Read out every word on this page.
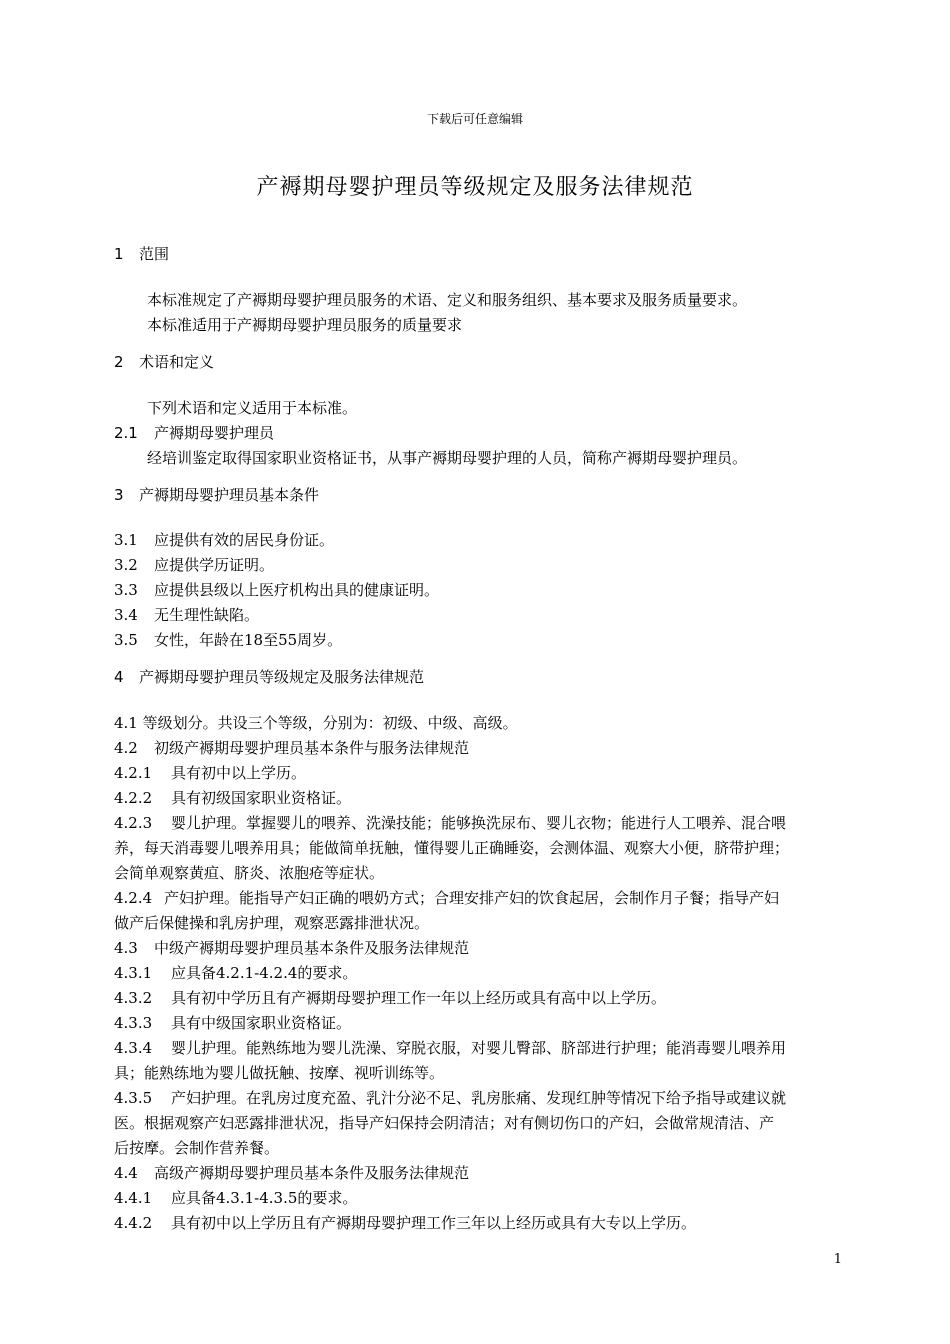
下载后可任意编辑
产褥期母婴护理员等级规定及服务法律规范
1 范围
本标准规定了产褥期母婴护理员服务的术语、定义和服务组织、基本要求及服务质量要求。
本标准适用于产褥期母婴护理员服务的质量要求
2 术语和定义
下列术语和定义适用于本标准。
2.1 产褥期母婴护理员
经培训鉴定取得国家职业资格证书，从事产褥期母婴护理的人员，简称产褥期母婴护理员。
3 产褥期母婴护理员基本条件
3.1 应提供有效的居民身份证。
3.2 应提供学历证明。
3.3 应提供县级以上医疗机构出具的健康证明。
3.4 无生理性缺陷。
3.5 女性，年龄在18至55周岁。
4 产褥期母婴护理员等级规定及服务法律规范
4.1 等级划分。共设三个等级，分别为：初级、中级、高级。
4.2 初级产褥期母婴护理员基本条件与服务法律规范
4.2.1 具有初中以上学历。
4.2.2 具有初级国家职业资格证。
4.2.3 婴儿护理。掌握婴儿的喂养、洗澡技能；能够换洗尿布、婴儿衣物；能进行人工喂养、混合喂
养，每天消毒婴儿喂养用具；能做简单抚触，懂得婴儿正确睡姿，会测体温、观察大小便，脐带护理；
会简单观察黄疸、脐炎、浓胞疮等症状。
4.2.4 产妇护理。能指导产妇正确的喂奶方式；合理安排产妇的饮食起居，会制作月子餐；指导产妇
做产后保健操和乳房护理，观察恶露排泄状况。
4.3 中级产褥期母婴护理员基本条件及服务法律规范
4.3.1 应具备4.2.1-4.2.4的要求。
4.3.2 具有初中学历且有产褥期母婴护理工作一年以上经历或具有高中以上学历。
4.3.3 具有中级国家职业资格证。
4.3.4 婴儿护理。能熟练地为婴儿洗澡、穿脱衣服，对婴儿臀部、脐部进行护理；能消毒婴儿喂养用
具；能熟练地为婴儿做抚触、按摩、视听训练等。
4.3.5 产妇护理。在乳房过度充盈、乳汁分泌不足、乳房胀痛、发现红肿等情况下给予指导或建议就
医。根据观察产妇恶露排泄状况，指导产妇保持会阴清洁；对有侧切伤口的产妇，会做常规清洁、产
后按摩。会制作营养餐。
4.4 高级产褥期母婴护理员基本条件及服务法律规范
4.4.1 应具备4.3.1-4.3.5的要求。
4.4.2 具有初中以上学历且有产褥期母婴护理工作三年以上经历或具有大专以上学历。
1
